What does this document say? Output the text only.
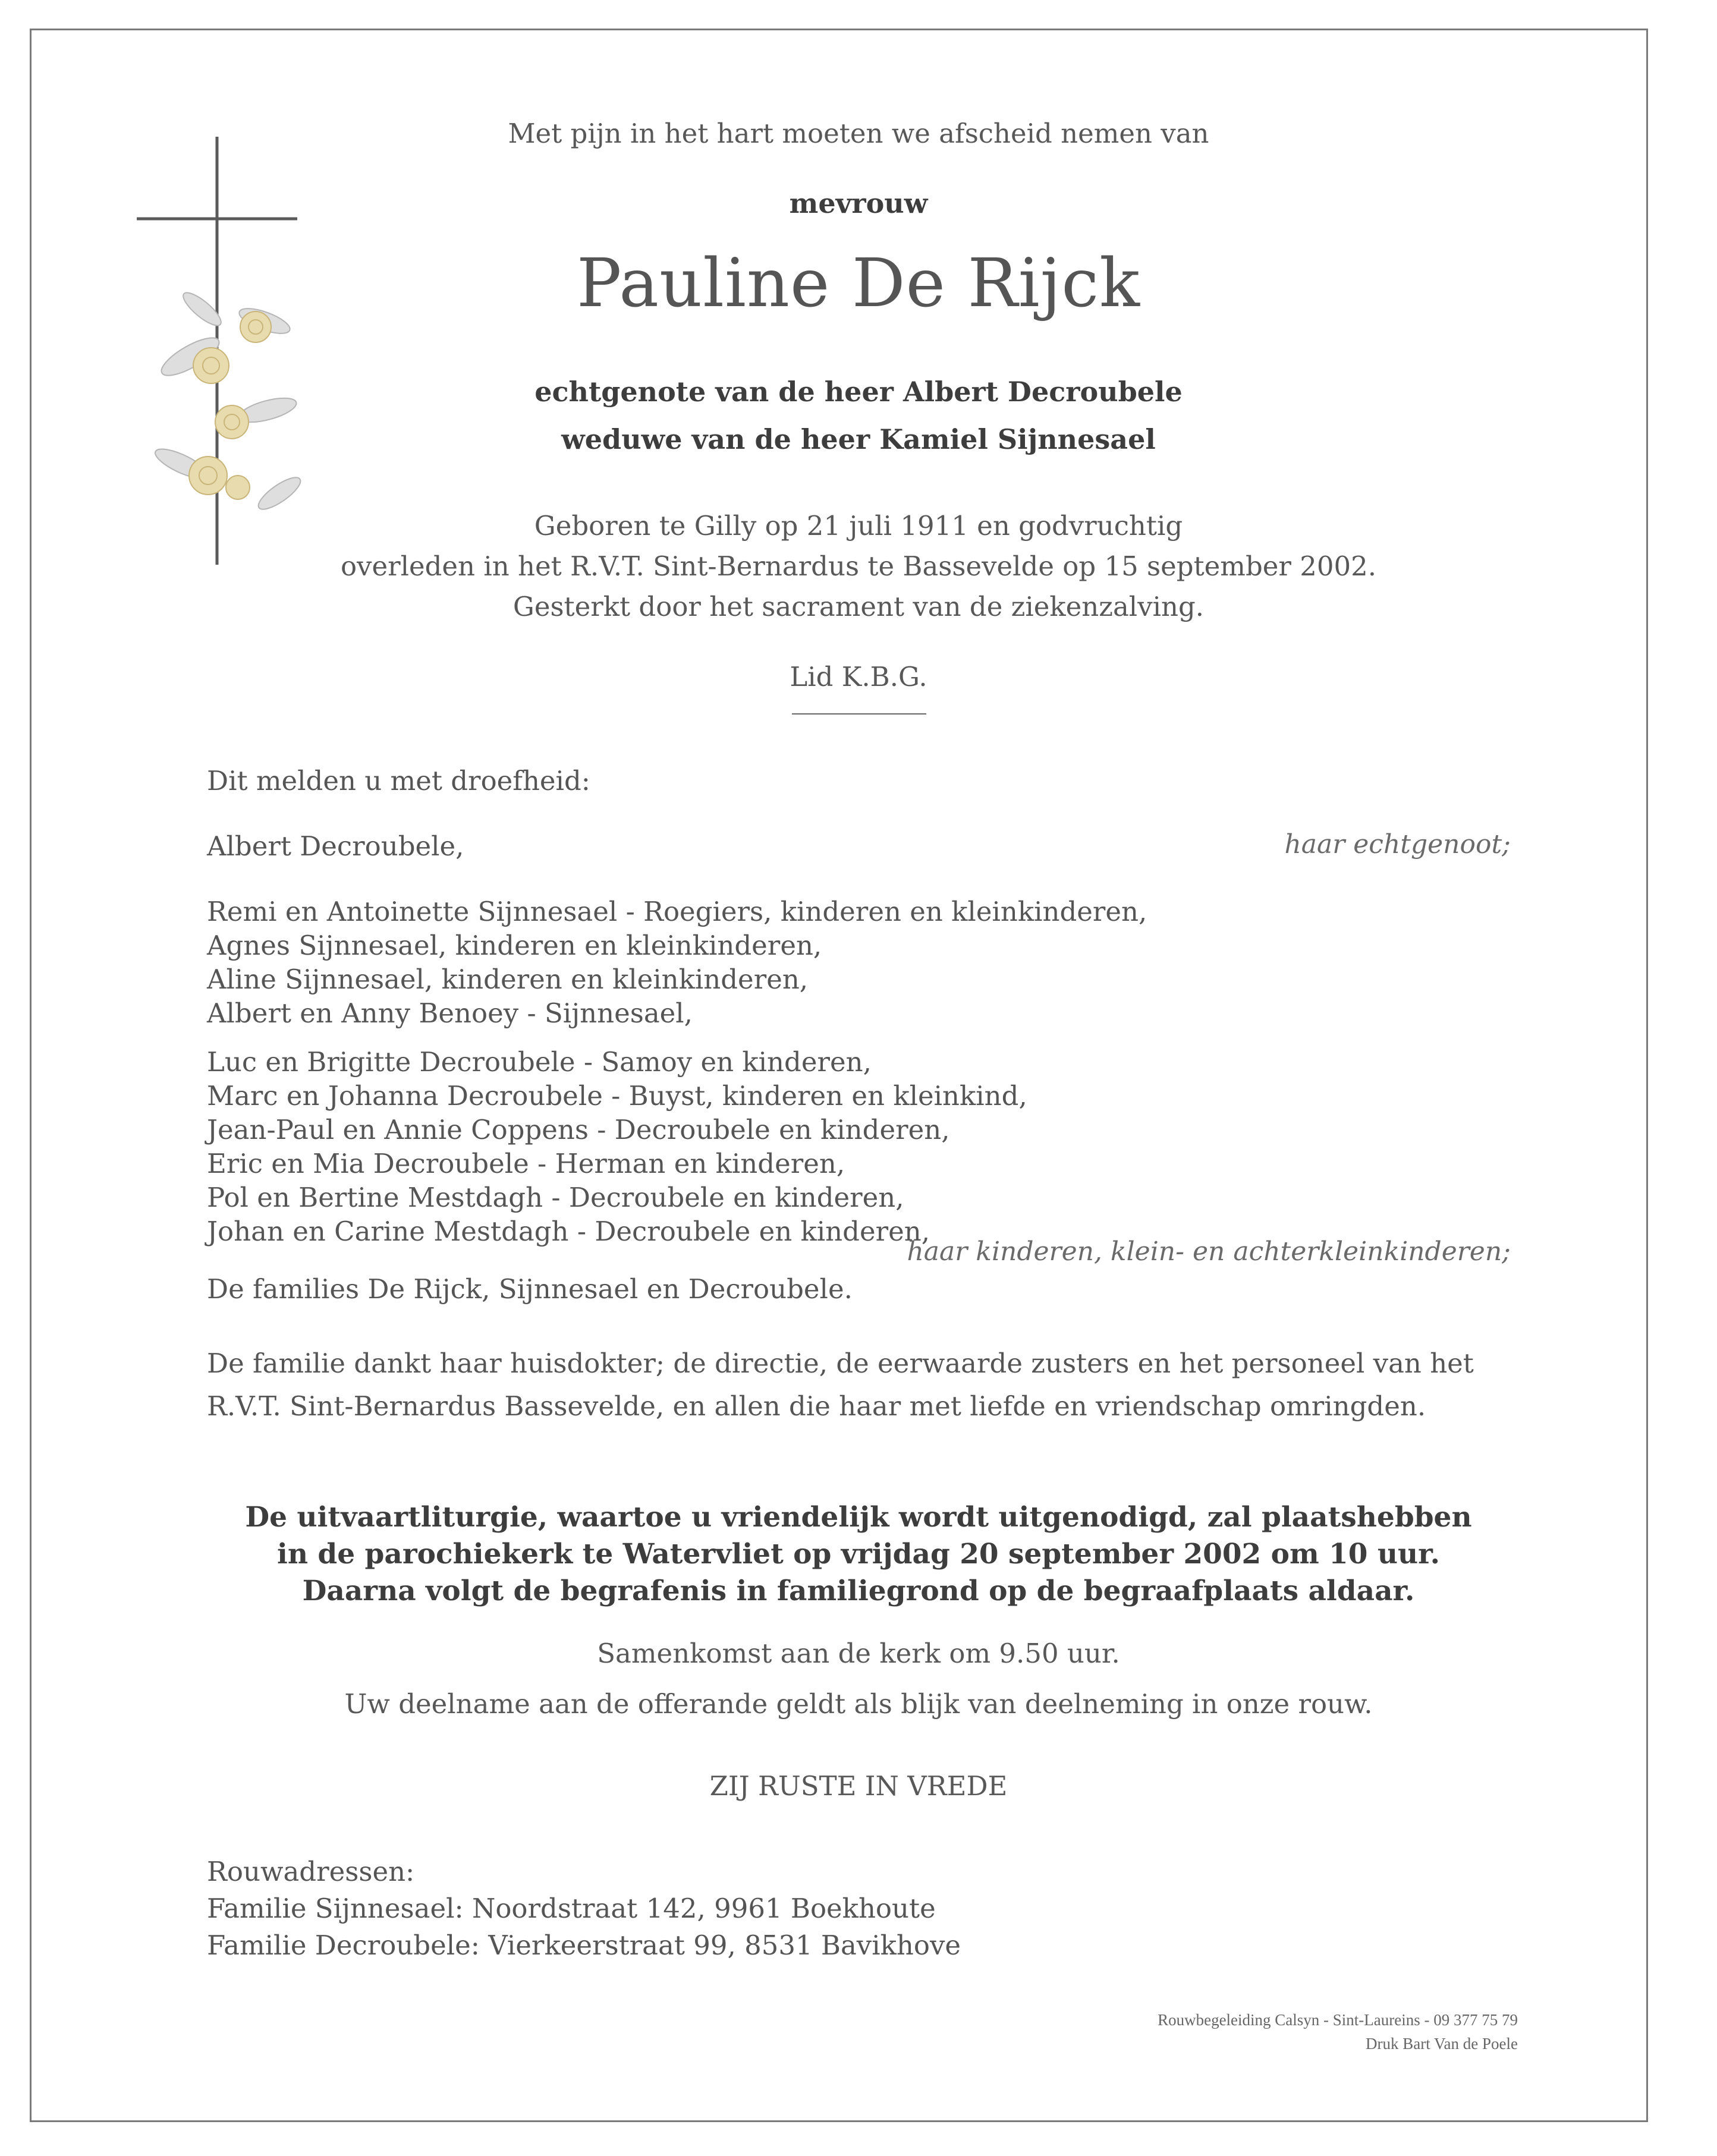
Met pijn in het hart moeten we afscheid nemen van
mevrouw
Pauline De Rijck
echtgenote van de heer Albert Decroubele
weduwe van de heer Kamiel Sijnnesael
Geboren te Gilly op 21 juli 1911 en godvruchtig
overleden in het R.V.T. Sint-Bernardus te Bassevelde op 15 september 2002.
Gesterkt door het sacrament van de ziekenzalving.
Lid K.B.G.
Dit melden u met droefheid:
Albert Decroubele,	haar echtgenoot;
Remi en Antoinette Sijnnesael - Roegiers, kinderen en kleinkinderen,
Agnes Sijnnesael, kinderen en kleinkinderen,
Aline Sijnnesael, kinderen en kleinkinderen,
Albert en Anny Benoey - Sijnnesael,
Luc en Brigitte Decroubele - Samoy en kinderen,
Marc en Johanna Decroubele - Buyst, kinderen en kleinkind,
Jean-Paul en Annie Coppens - Decroubele en kinderen,
Eric en Mia Decroubele - Herman en kinderen,
Pol en Bertine Mestdagh - Decroubele en kinderen,
Johan en Carine Mestdagh - Decroubele en kinderen,
haar kinderen, klein- en achterkleinkinderen;
De families De Rijck, Sijnnesael en Decroubele.
De familie dankt haar huisdokter; de directie, de eerwaarde zusters en het personeel van het
R.V.T. Sint-Bernardus Bassevelde, en allen die haar met liefde en vriendschap omringden.
De uitvaartliturgie, waartoe u vriendelijk wordt uitgenodigd, zal plaatshebben
in de parochiekerk te Watervliet op vrijdag 20 september 2002 om 10 uur.
Daarna volgt de begrafenis in familiegrond op de begraafplaats aldaar.
Samenkomst aan de kerk om 9.50 uur.
Uw deelname aan de offerande geldt als blijk van deelneming in onze rouw.
ZIJ RUSTE IN VREDE
Rouwadressen:
Familie Sijnnesael: Noordstraat 142, 9961 Boekhoute
Familie Decroubele: Vierkeerstraat 99, 8531 Bavikhove
Rouwbegeleiding Calsyn - Sint-Laureins - 09 377 75 79
Druk Bart Van de Poele
